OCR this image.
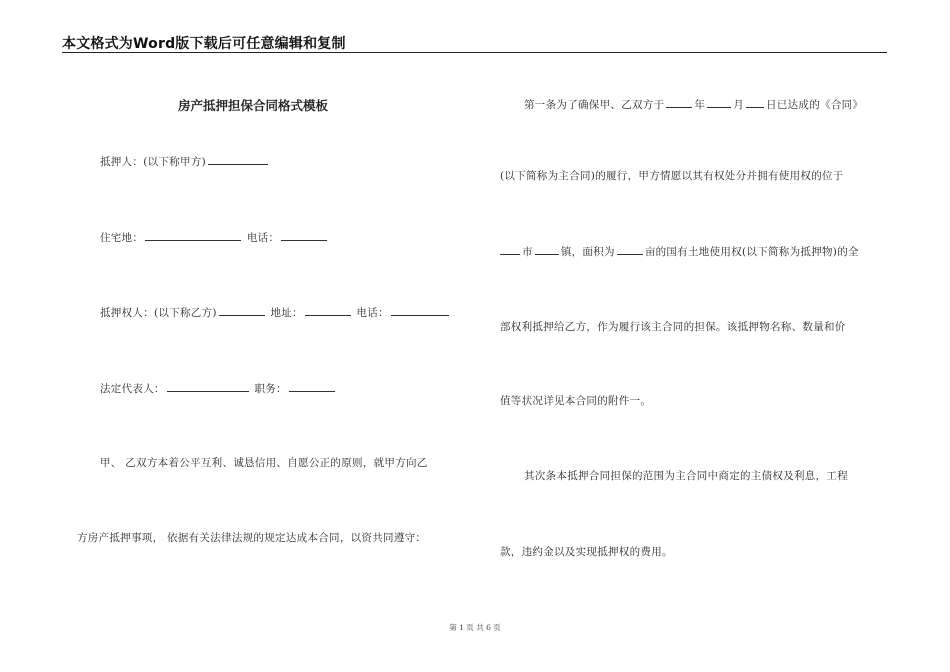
本文格式为Word版下载后可任意编辑和复制
房产抵押担保合同格式模板
抵押人：(以下称甲方)
住宅地：	电话：
抵押权人：(以下称乙方)	地址：	电话：
法定代表人：	职务：
甲、 乙双方本着公平互利、诚恳信用、自愿公正的原则，就甲方向乙
方房产抵押事项， 依据有关法律法规的规定达成本合同，以资共同遵守：
第一条为了确保甲、乙双方于	年	月 日已达成的《合同》
(以下简称为主合同)的履行，甲方情愿以其有权处分并拥有使用权的位于
市	镇，面积为	亩的国有土地使用权(以下简称为抵押物)的全
部权利抵押给乙方，作为履行该主合同的担保。该抵押物名称、数量和价
值等状况详见本合同的附件一。
其次条本抵押合同担保的范围为主合同中商定的主债权及利息，工程
款，违约金以及实现抵押权的费用。
第 1 页 共 6 页
